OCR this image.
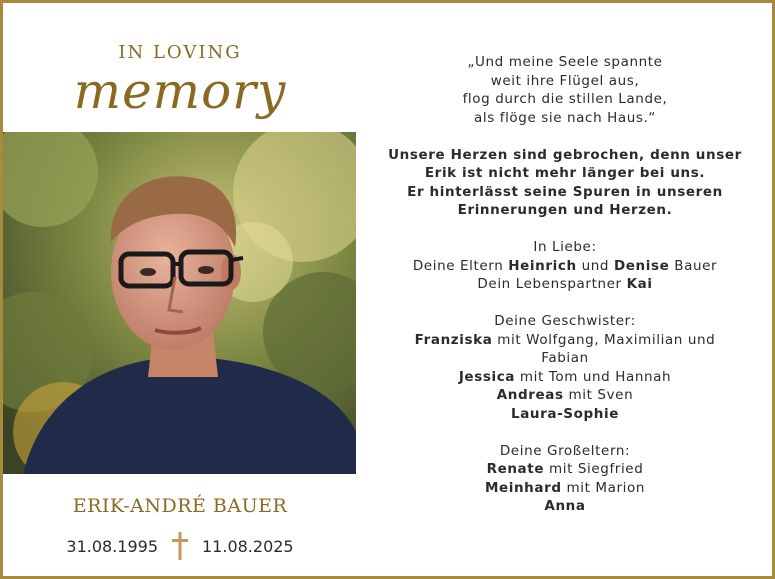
IN LOVING
memory
ERIK-ANDRÉ BAUER
31.08.1995	11.08.2025
„Und meine Seele spannte
weit ihre Flügel aus,
flog durch die stillen Lande,
als flöge sie nach Haus.“
Unsere Herzen sind gebrochen, denn unser
Erik ist nicht mehr länger bei uns.
Er hinterlässt seine Spuren in unseren
Erinnerungen und Herzen.
In Liebe:
Deine Eltern Heinrich und Denise Bauer
Dein Lebenspartner Kai
Deine Geschwister:
Franziska mit Wolfgang, Maximilian und
Fabian
Jessica mit Tom und Hannah
Andreas mit Sven
Laura-Sophie
Deine Großeltern:
Renate mit Siegfried
Meinhard mit Marion
Anna
